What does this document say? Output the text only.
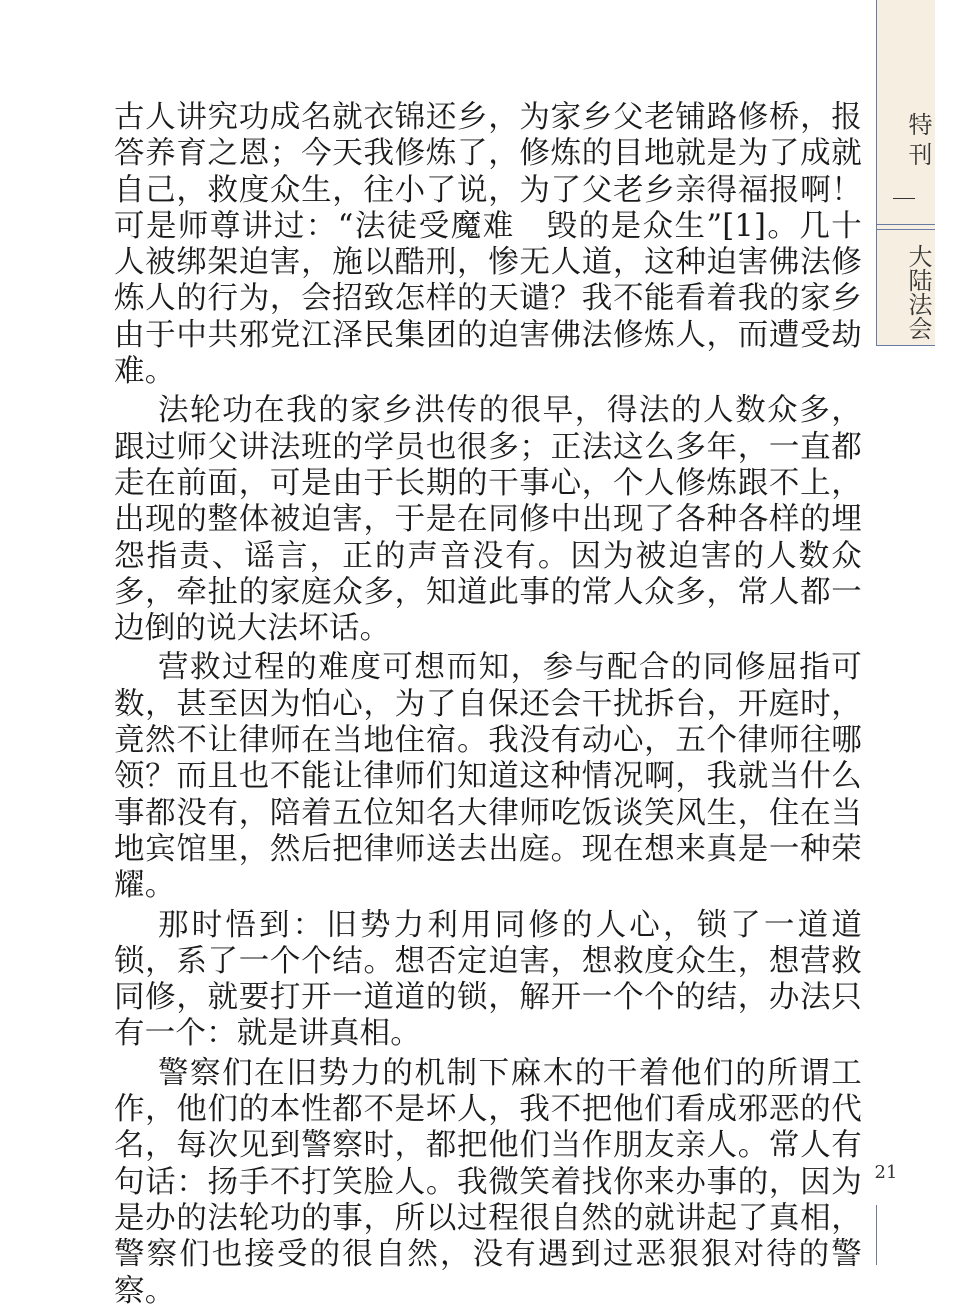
古人讲究功成名就衣锦还乡，为家乡父老铺路修桥，报答养育之恩；今天我修炼了，修炼的目地就是为了成就自己，救度众生，往小了说，为了父老乡亲得福报啊！可是师尊讲过：“法徒受魔难　毁的是众生”[1]。几十人被绑架迫害，施以酷刑，惨无人道，这种迫害佛法修炼人的行为，会招致怎样的天谴？我不能看着我的家乡由于中共邪党江泽民集团的迫害佛法修炼人，而遭受劫难。

法轮功在我的家乡洪传的很早，得法的人数众多，跟过师父讲法班的学员也很多；正法这么多年，一直都走在前面，可是由于长期的干事心，个人修炼跟不上，出现的整体被迫害，于是在同修中出现了各种各样的埋怨指责、谣言，正的声音没有。因为被迫害的人数众多，牵扯的家庭众多，知道此事的常人众多，常人都一边倒的说大法坏话。

营救过程的难度可想而知，参与配合的同修屈指可数，甚至因为怕心，为了自保还会干扰拆台，开庭时，竟然不让律师在当地住宿。我没有动心，五个律师往哪领？而且也不能让律师们知道这种情况啊，我就当什么事都没有，陪着五位知名大律师吃饭谈笑风生，住在当地宾馆里，然后把律师送去出庭。现在想来真是一种荣耀。

那时悟到：旧势力利用同修的人心，锁了一道道锁，系了一个个结。想否定迫害，想救度众生，想营救同修，就要打开一道道的锁，解开一个个的结，办法只有一个：就是讲真相。

警察们在旧势力的机制下麻木的干着他们的所谓工作，他们的本性都不是坏人，我不把他们看成邪恶的代名，每次见到警察时，都把他们当作朋友亲人。常人有句话：扬手不打笑脸人。我微笑着找你来办事的，因为是办的法轮功的事，所以过程很自然的就讲起了真相，警察们也接受的很自然，没有遇到过恶狠狠对待的警察。

特刊
大陆法会
21
